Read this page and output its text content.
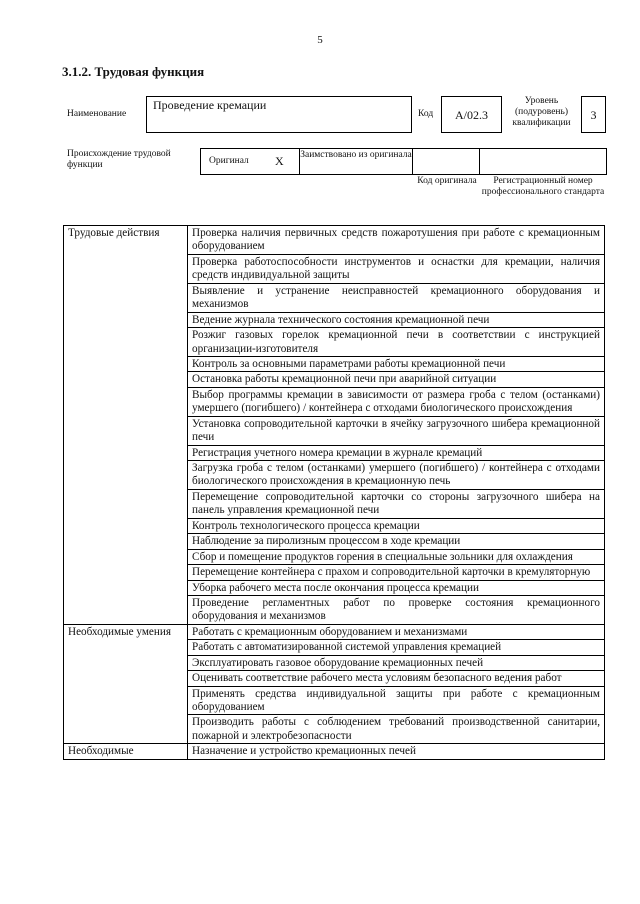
5
3.1.2. Трудовая функция
Наименование
Проведение кремации
Код	A/02.3
Уровень (подуровень) квалификации
3
Происхождение трудовой функции	Оригинал X Заимствовано из оригинала
Код оригинала	Регистрационный номер профессионального стандарта
Трудовые действия	Проверка наличия первичных средств пожаротушения при работе с кремационным оборудованием
	Проверка работоспособности инструментов и оснастки для кремации, наличия средств индивидуальной защиты
	Выявление и устранение неисправностей кремационного оборудования и механизмов
	Ведение журнала технического состояния кремационной печи
	Розжиг газовых горелок кремационной печи в соответствии с инструкцией организации-изготовителя
	Контроль за основными параметрами работы кремационной печи
	Остановка работы кремационной печи при аварийной ситуации
	Выбор программы кремации в зависимости от размера гроба с телом (останками) умершего (погибшего) / контейнера с отходами биологического происхождения
	Установка сопроводительной карточки в ячейку загрузочного шибера кремационной печи
	Регистрация учетного номера кремации в журнале кремаций
	Загрузка гроба с телом (останками) умершего (погибшего) / контейнера с отходами биологического происхождения в кремационную печь
	Перемещение сопроводительной карточки со стороны загрузочного шибера на панель управления кремационной печи
	Контроль технологического процесса кремации
	Наблюдение за пиролизным процессом в ходе кремации
	Сбор и помещение продуктов горения в специальные зольники для охлаждения
	Перемещение контейнера с прахом и сопроводительной карточки в кремуляторную
	Уборка рабочего места после окончания процесса кремации
	Проведение регламентных работ по проверке состояния кремационного оборудования и механизмов
Необходимые умения	Работать с кремационным оборудованием и механизмами
	Работать с автоматизированной системой управления кремацией
	Эксплуатировать газовое оборудование кремационных печей
	Оценивать соответствие рабочего места условиям безопасного ведения работ
	Применять средства индивидуальной защиты при работе с кремационным оборудованием
	Производить работы с соблюдением требований производственной санитарии, пожарной и электробезопасности
Необходимые	Назначение и устройство кремационных печей
